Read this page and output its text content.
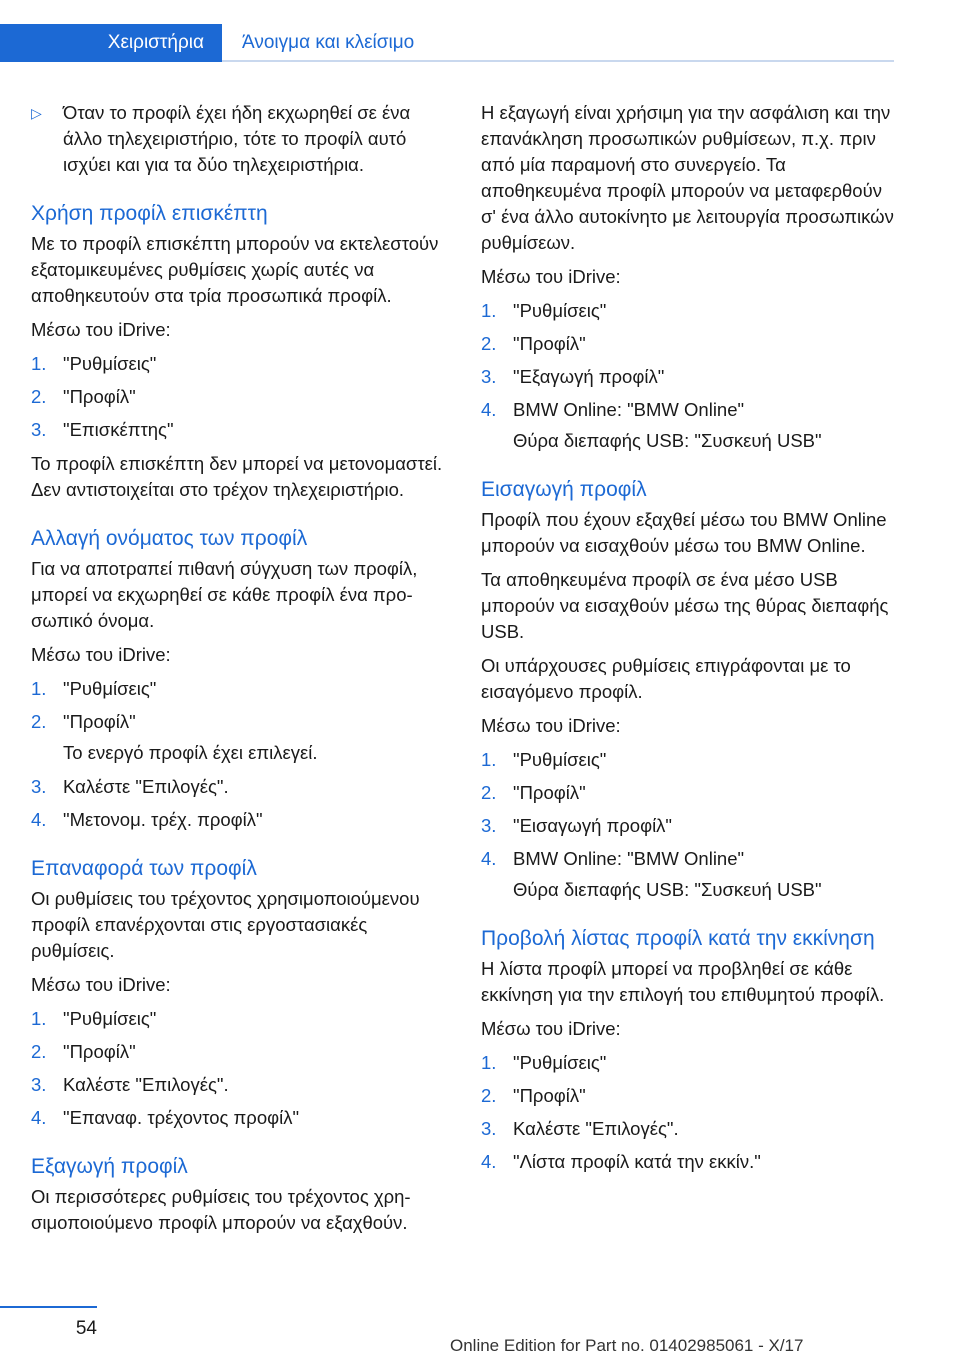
Χειριστήρια Άνοιγμα και κλείσιμο
▷	Όταν το προφίλ έχει ήδη εκχωρηθεί σε ένα άλλο τηλεχειριστήριο, τότε το προφίλ αυτό ισχύει και για τα δύο τηλεχειριστήρια.
Χρήση προφίλ επισκέπτη

Με το προφίλ επισκέπτη μπορούν να εκτελεστούν εξατομικευμένες ρυθμίσεις χωρίς αυτές να αποθηκευτούν στα τρία προσωπικά προφίλ.

Μέσω του iDrive:

1. "Ρυθμίσεις"
2. "Προφίλ"
3. "Επισκέπτης"

Το προφίλ επισκέπτη δεν μπορεί να μετονομαστεί. Δεν αντιστοιχείται στο τρέχον τηλεχειριστήριο.

Αλλαγή ονόματος των προφίλ

Για να αποτραπεί πιθανή σύγχυση των προφίλ, μπορεί να εκχωρηθεί σε κάθε προφίλ ένα προσωπικό όνομα.

Μέσω του iDrive:

1. "Ρυθμίσεις"
2. "Προφίλ"
Το ενεργό προφίλ έχει επιλεγεί.
3. Καλέστε "Επιλογές".
4. "Μετονομ. τρέχ. προφίλ"
Επαναφορά των προφίλ

Οι ρυθμίσεις του τρέχοντος χρησιμοποιούμενου προφίλ επανέρχονται στις εργοστασιακές ρυθμίσεις.

Μέσω του iDrive:

1. "Ρυθμίσεις"
2. "Προφίλ"
3. Καλέστε "Επιλογές".
4. "Επαναφ. τρέχοντος προφίλ"
Εξαγωγή προφίλ

Οι περισσότερες ρυθμίσεις του τρέχοντος χρησιμοποιούμενο προφίλ μπορούν να εξαχθούν.

Η εξαγωγή είναι χρήσιμη για την ασφάλιση και την επανάκληση προσωπικών ρυθμίσεων, π.χ. πριν από μία παραμονή στο συνεργείο. Τα αποθηκευμένα προφίλ μπορούν να μεταφερθούν σ' ένα άλλο αυτοκίνητο με λειτουργία προσωπικών ρυθμίσεων.

Μέσω του iDrive:

1. "Ρυθμίσεις"
2. "Προφίλ"
3. "Εξαγωγή προφίλ"
4. BMW Online: "BMW Online"
Θύρα διεπαφής USB: "Συσκευή USB"
Εισαγωγή προφίλ

Προφίλ που έχουν εξαχθεί μέσω του BMW Online μπορούν να εισαχθούν μέσω του BMW Online.

Τα αποθηκευμένα προφίλ σε ένα μέσο USB μπορούν να εισαχθούν μέσω της θύρας διεπαφής USB.

Οι υπάρχουσες ρυθμίσεις επιγράφονται με το εισαγόμενο προφίλ.

Μέσω του iDrive:

1. "Ρυθμίσεις"
2. "Προφίλ"
3. "Εισαγωγή προφίλ"
4. BMW Online: "BMW Online"
Θύρα διεπαφής USB: "Συσκευή USB"
Προβολή λίστας προφίλ κατά την εκκίνηση

Η λίστα προφίλ μπορεί να προβληθεί σε κάθε εκκίνηση για την επιλογή του επιθυμητού προφίλ.

Μέσω του iDrive:

1. "Ρυθμίσεις"
2. "Προφίλ"
3. Καλέστε "Επιλογές".
4. "Λίστα προφίλ κατά την εκκίν."
54
Online Edition for Part no. 01402985061 - X/17
